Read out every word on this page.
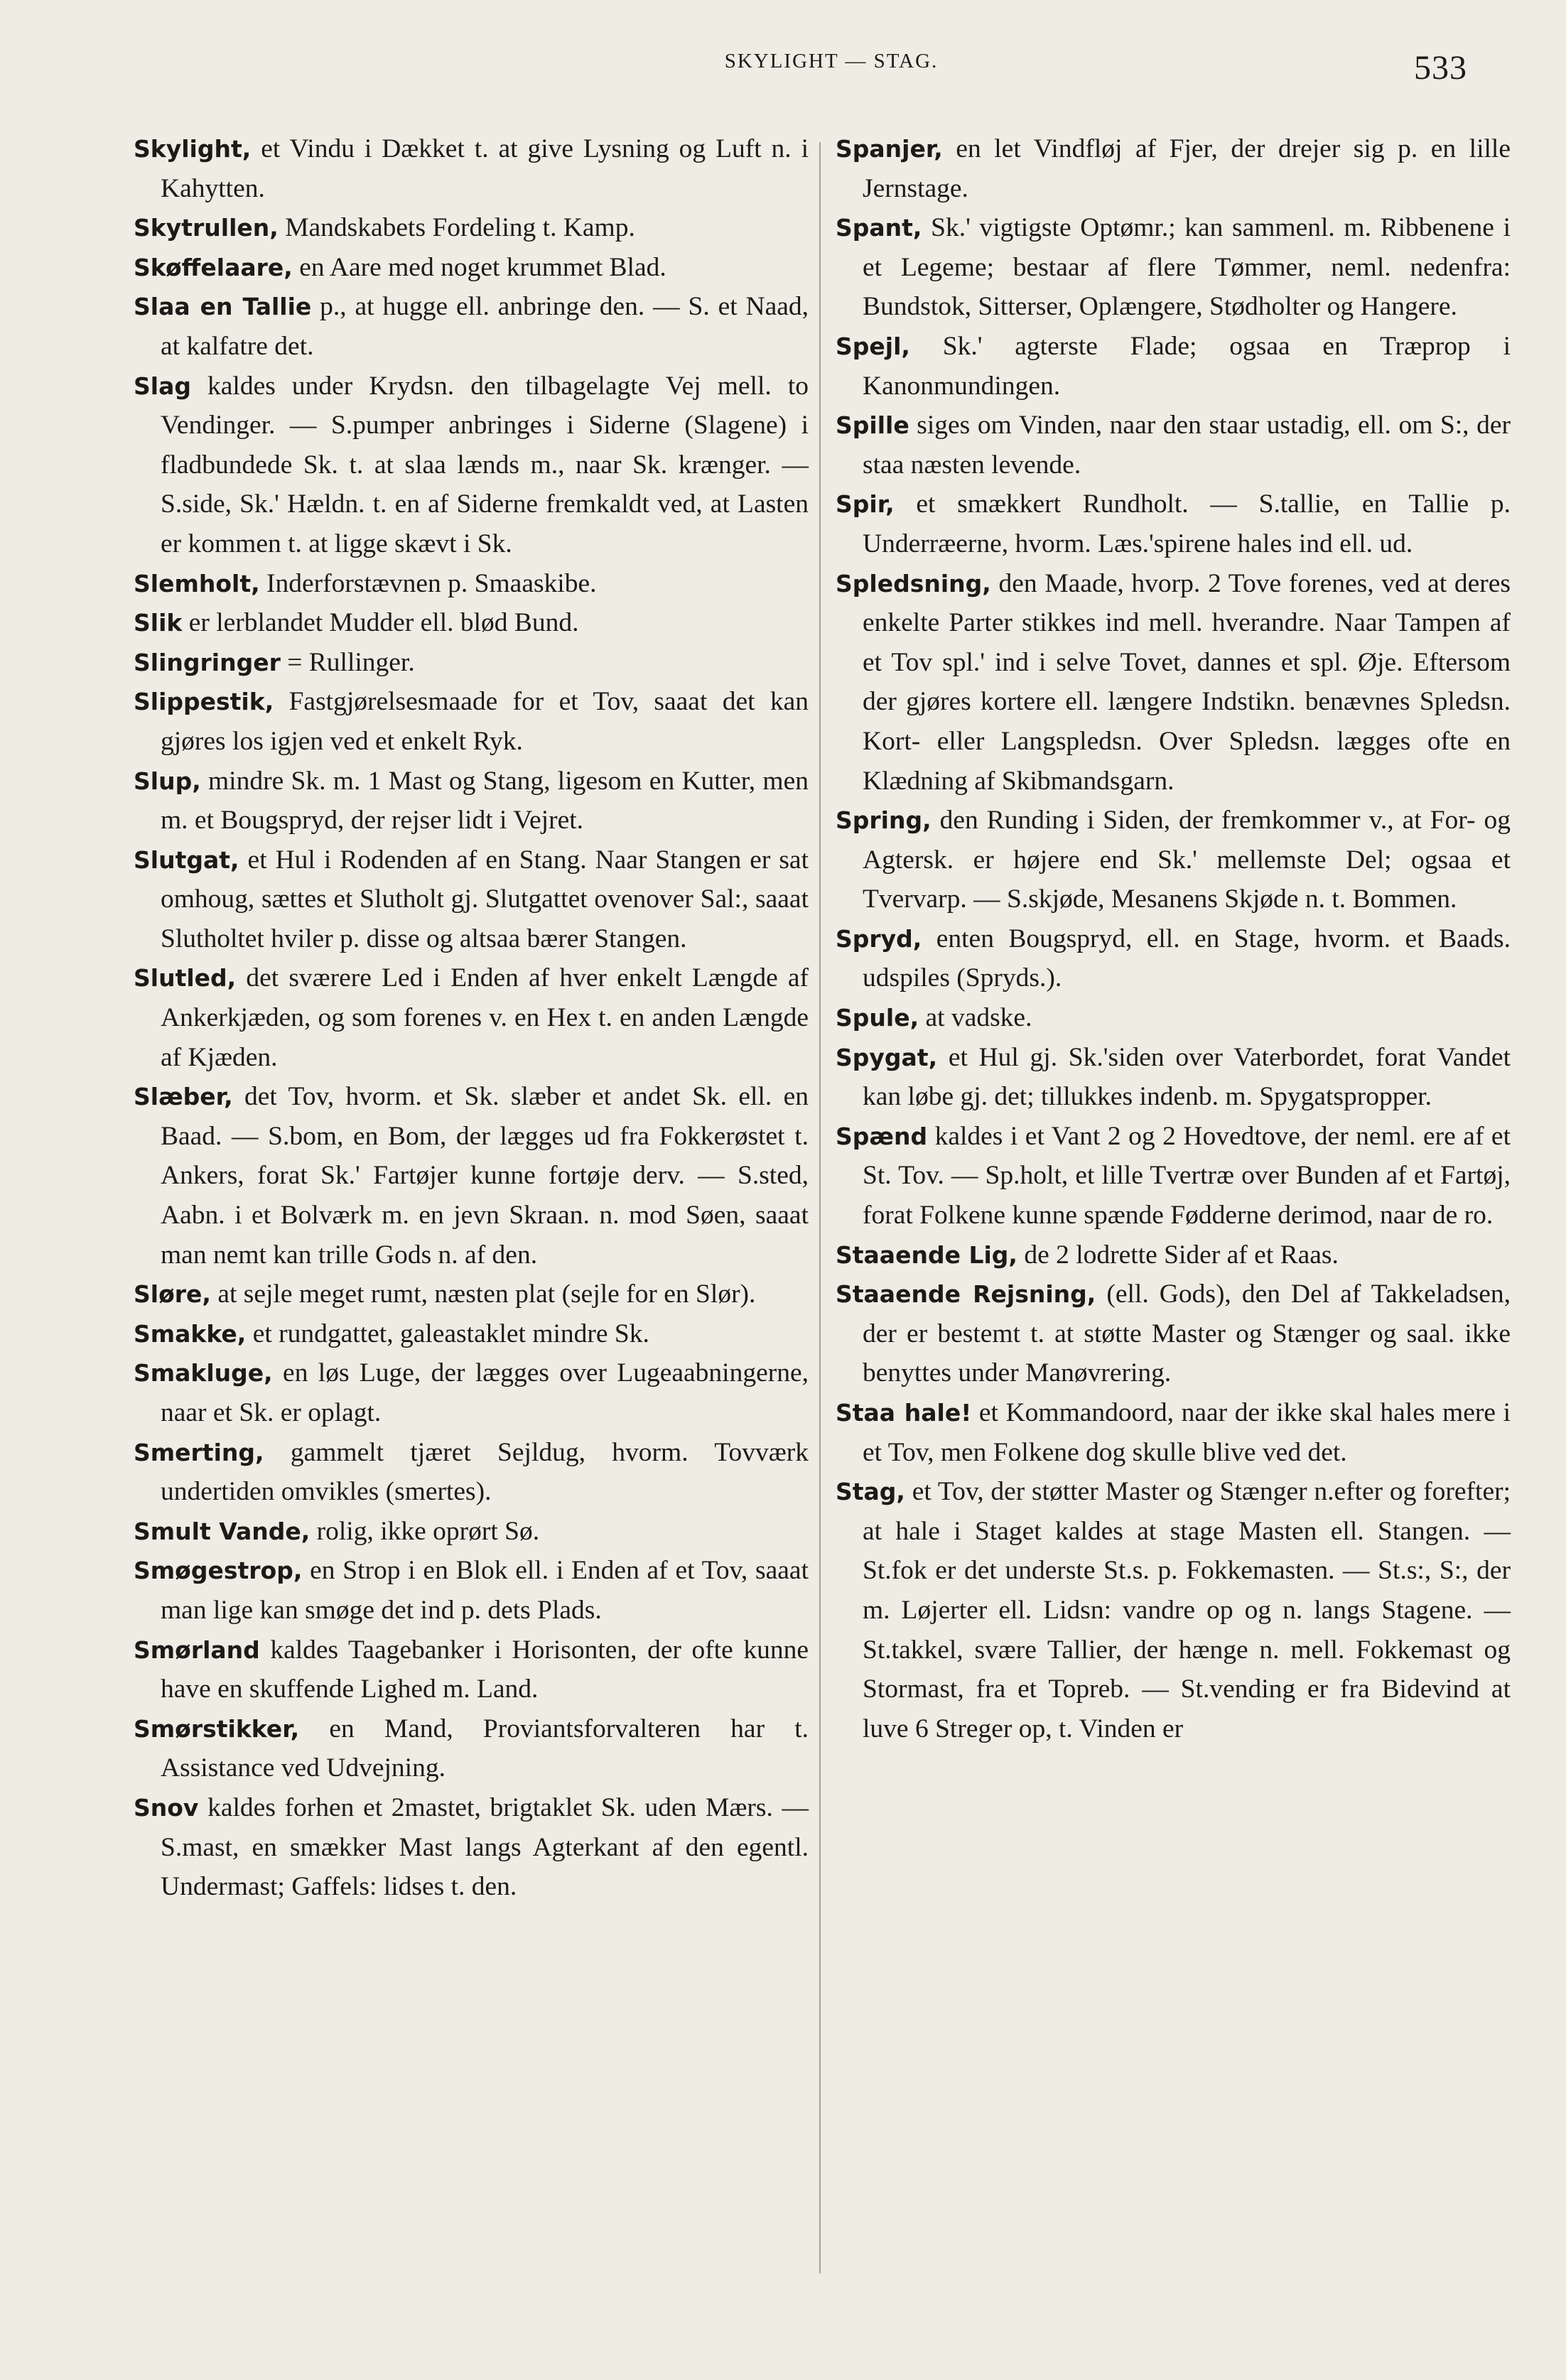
SKYLIGHT — STAG.	533
Skylight, et Vindu i Dækket t. at give Lysning og Luft n. i Kahytten.
Skytrullen, Mandskabets Fordeling t. Kamp.
Skøffelaare, en Aare med noget krummet Blad.
Slaa en Tallie p., at hugge ell. anbringe den. — S. et Naad, at kalfatre det.
Slag kaldes under Krydsn. den tilbagelagte Vej mell. to Vendinger. — S.pumper anbringes i Siderne (Slagene) i fladbundede Sk. t. at slaa lænds m., naar Sk. krænger. — S.side, Sk.' Hældn. t. en af Siderne fremkaldt ved, at Lasten er kommen t. at ligge skævt i Sk.
Slemholt, Inderforstævnen p. Smaaskibe.
Slik er lerblandet Mudder ell. blød Bund.
Slingringer = Rullinger.
Slippestik, Fastgjørelsesmaade for et Tov, saaat det kan gjøres los igjen ved et enkelt Ryk.
Slup, mindre Sk. m. 1 Mast og Stang, ligesom en Kutter, men m. et Bougspryd, der rejser lidt i Vejret.
Slutgat, et Hul i Rodenden af en Stang. Naar Stangen er sat omhoug, sættes et Slutholt gj. Slutgattet ovenover Sal:, saaat Slutholtet hviler p. disse og altsaa bærer Stangen.
Slutled, det sværere Led i Enden af hver enkelt Længde af Ankerkjæden, og som forenes v. en Hex t. en anden Længde af Kjæden.
Slæber, det Tov, hvorm. et Sk. slæber et andet Sk. ell. en Baad. — S.bom, en Bom, der lægges ud fra Fokkerøstet t. Ankers, forat Sk.' Fartøjer kunne fortøje derv. — S.sted, Aabn. i et Bolværk m. en jevn Skraan. n. mod Søen, saaat man nemt kan trille Gods n. af den.
Sløre, at sejle meget rumt, næsten plat (sejle for en Slør).
Smakke, et rundgattet, galeastaklet mindre Sk.
Smakluge, en løs Luge, der lægges over Lugeaabningerne, naar et Sk. er oplagt.
Smerting, gammelt tjæret Sejldug, hvorm. Tovværk undertiden omvikles (smertes).
Smult Vande, rolig, ikke oprørt Sø.
Smøgestrop, en Strop i en Blok ell. i Enden af et Tov, saaat man lige kan smøge det ind p. dets Plads.
Smørland kaldes Taagebanker i Horisonten, der ofte kunne have en skuffende Lighed m. Land.
Smørstikker, en Mand, Proviantsforvalteren har t. Assistance ved Udvejning.
Snov kaldes forhen et 2mastet, brigtaklet Sk. uden Mærs. — S.mast, en smækker Mast langs Agterkant af den egentl. Undermast; Gaffels: lidses t. den.
Spanjer, en let Vindfløj af Fjer, der drejer sig p. en lille Jernstage.
Spant, Sk.' vigtigste Optømr.; kan sammenl. m. Ribbenene i et Legeme; bestaar af flere Tømmer, neml. nedenfra: Bundstok, Sitterser, Oplængere, Stødholter og Hangere.
Spejl, Sk.' agterste Flade; ogsaa en Træprop i Kanonmundingen.
Spille siges om Vinden, naar den staar ustadig, ell. om S:, der staa næsten levende.
Spir, et smækkert Rundholt. — S.tallie, en Tallie p. Underræerne, hvorm. Læs.'spirene hales ind ell. ud.
Spledsning, den Maade, hvorp. 2 Tove forenes, ved at deres enkelte Parter stikkes ind mell. hverandre. Naar Tampen af et Tov spl.' ind i selve Tovet, dannes et spl. Øje. Eftersom der gjøres kortere ell. længere Indstikn. benævnes Spledsn. Kort- eller Langspledsn. Over Spledsn. lægges ofte en Klædning af Skibmandsgarn.
Spring, den Runding i Siden, der fremkommer v., at For- og Agtersk. er højere end Sk.' mellemste Del; ogsaa et Tvervarp. — S.skjøde, Mesanens Skjøde n. t. Bommen.
Spryd, enten Bougspryd, ell. en Stage, hvorm. et Baads. udspiles (Spryds.).
Spule, at vadske.
Spygat, et Hul gj. Sk.'siden over Vaterbordet, forat Vandet kan løbe gj. det; tillukkes indenb. m. Spygatspropper.
Spænd kaldes i et Vant 2 og 2 Hovedtove, der neml. ere af et St. Tov. — Sp.holt, et lille Tvertræ over Bunden af et Fartøj, forat Folkene kunne spænde Fødderne derimod, naar de ro.
Staaende Lig, de 2 lodrette Sider af et Raas.
Staaende Rejsning, (ell. Gods), den Del af Takkeladsen, der er bestemt t. at støtte Master og Stænger og saal. ikke benyttes under Manøvrering.
Staa hale! et Kommandoord, naar der ikke skal hales mere i et Tov, men Folkene dog skulle blive ved det.
Stag, et Tov, der støtter Master og Stænger n.efter og forefter; at hale i Staget kaldes at stage Masten ell. Stangen. — St.fok er det underste St.s. p. Fokkemasten. — St.s:, S:, der m. Løjerter ell. Lidsn: vandre op og n. langs Stagene. — St.takkel, svære Tallier, der hænge n. mell. Fokkemast og Stormast, fra et Topreb. — St.vending er fra Bidevind at luve 6 Streger op, t. Vinden er
